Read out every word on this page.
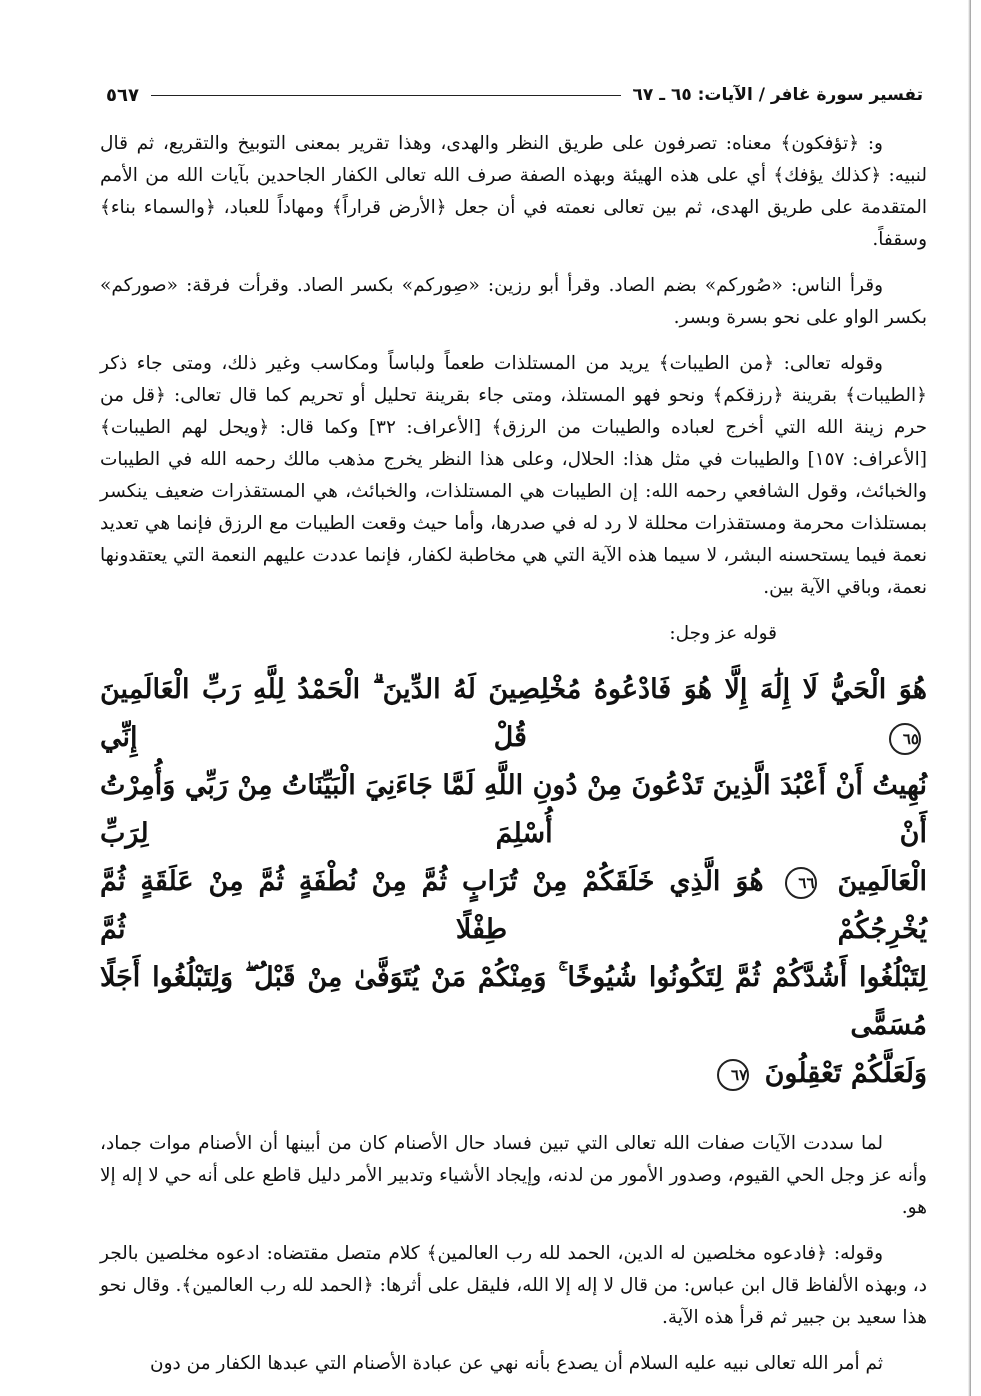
تفسير سورة غافر / الآيات: ٦٥ ـ ٦٧
٥٦٧

و: ﴿تؤفكون﴾ معناه: تصرفون على طريق النظر والهدى، وهذا تقرير بمعنى التوبيخ والتقريع، ثم قال لنبيه: ﴿كذلك يؤفك﴾ أي على هذه الهيئة وبهذه الصفة صرف الله تعالى الكفار الجاحدين بآيات الله من الأمم المتقدمة على طريق الهدى، ثم بين تعالى نعمته في أن جعل ﴿الأرض قراراً﴾ ومهاداً للعباد، ﴿والسماء بناء﴾ وسقفاً.

وقرأ الناس: «صُوركم» بضم الصاد. وقرأ أبو رزين: «صِوركم» بكسر الصاد. وقرأت فرقة: «صوركم» بكسر الواو على نحو بسرة وبسر.

وقوله تعالى: ﴿من الطيبات﴾ يريد من المستلذات طعماً ولباساً ومكاسب وغير ذلك، ومتى جاء ذكر ﴿الطيبات﴾ بقرينة ﴿رزقكم﴾ ونحو فهو المستلذ، ومتى جاء بقرينة تحليل أو تحريم كما قال تعالى: ﴿قل من حرم زينة الله التي أخرج لعباده والطيبات من الرزق﴾ [الأعراف: ٣٢] وكما قال: ﴿ويحل لهم الطيبات﴾ [الأعراف: ١٥٧] والطيبات في مثل هذا: الحلال، وعلى هذا النظر يخرج مذهب مالك رحمه الله في الطيبات والخبائث، وقول الشافعي رحمه الله: إن الطيبات هي المستلذات، والخبائث، هي المستقذرات ضعيف ينكسر بمستلذات محرمة ومستقذرات محللة لا رد له في صدرها، وأما حيث وقعت الطيبات مع الرزق فإنما هي تعديد نعمة فيما يستحسنه البشر، لا سيما هذه الآية التي هي مخاطبة لكفار، فإنما عددت عليهم النعمة التي يعتقدونها نعمة، وباقي الآية بين.

قوله عز وجل:

هُوَ الْحَيُّ لَا إِلَٰهَ إِلَّا هُوَ فَادْعُوهُ مُخْلِصِينَ لَهُ الدِّينَ ۗ الْحَمْدُ لِلَّهِ رَبِّ الْعَالَمِينَ ٦٥ قُلْ إِنِّي
نُهِيتُ أَنْ أَعْبُدَ الَّذِينَ تَدْعُونَ مِنْ دُونِ اللَّهِ لَمَّا جَاءَنِيَ الْبَيِّنَاتُ مِنْ رَبِّي وَأُمِرْتُ أَنْ أُسْلِمَ لِرَبِّ
الْعَالَمِينَ ٦٦ هُوَ الَّذِي خَلَقَكُمْ مِنْ تُرَابٍ ثُمَّ مِنْ نُطْفَةٍ ثُمَّ مِنْ عَلَقَةٍ ثُمَّ يُخْرِجُكُمْ طِفْلًا ثُمَّ
لِتَبْلُغُوا أَشُدَّكُمْ ثُمَّ لِتَكُونُوا شُيُوخًا ۚ وَمِنْكُمْ مَنْ يُتَوَفَّىٰ مِنْ قَبْلُ ۖ وَلِتَبْلُغُوا أَجَلًا مُسَمًّى
وَلَعَلَّكُمْ تَعْقِلُونَ ٦٧

لما سددت الآيات صفات الله تعالى التي تبين فساد حال الأصنام كان من أبينها أن الأصنام موات جماد، وأنه عز وجل الحي القيوم، وصدور الأمور من لدنه، وإيجاد الأشياء وتدبير الأمر دليل قاطع على أنه حي لا إله إلا هو.

وقوله: ﴿فادعوه مخلصين له الدين، الحمد لله رب العالمين﴾ كلام متصل مقتضاه: ادعوه مخلصين بالجر د، وبهذه الألفاظ قال ابن عباس: من قال لا إله إلا الله، فليقل على أثرها: ﴿الحمد لله رب العالمين﴾. وقال نحو هذا سعيد بن جبير ثم قرأ هذه الآية.

ثم أمر الله تعالى نبيه عليه السلام أن يصدع بأنه نهي عن عبادة الأصنام التي عبدها الكفار من دون
